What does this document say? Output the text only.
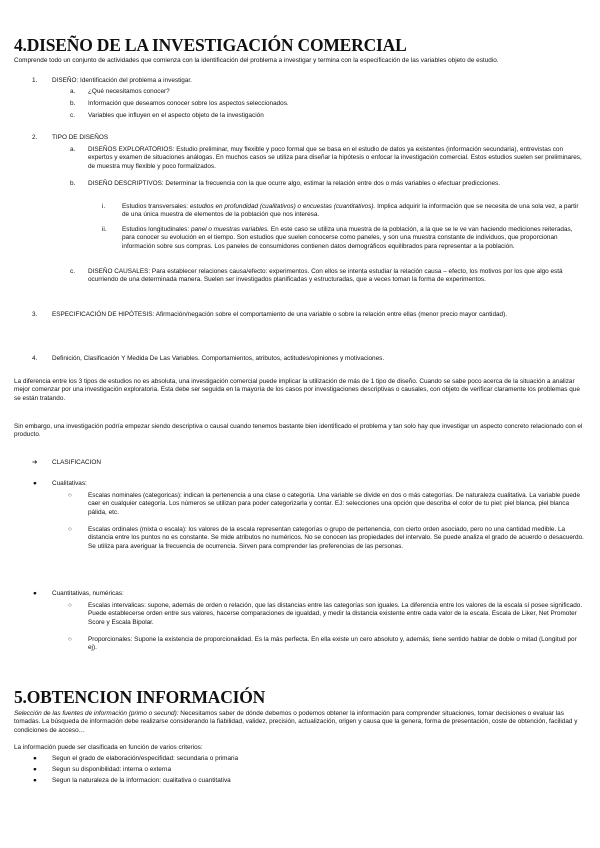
4.DISEÑO DE LA INVESTIGACIÓN COMERCIAL

Comprende todo un conjunto de actividades que comienza con la identificación del problema a investigar y termina con la especificación de las variables objeto de estudio.

1. DISEÑO: Identificación del problema a investigar.
a. ¿Qué necesitamos conocer?
b. Información que deseamos conocer sobre los aspectos seleccionados.
c. Variables que influyen en el aspecto objeto de la investigación
2. TIPO DE DISEÑOS
a. DISEÑOS EXPLORATORIOS: Estudio preliminar, muy flexible y poco formal que se basa en el estudio de datos ya existentes (información secundaria), entrevistas con expertos y examen de situaciones análogas. En muchos casos se utiliza para diseñar la hipótesis o enfocar la investigación comercial. Estos estudios suelen ser preliminares, de muestra muy flexible y poco formalizados.

b. DISEÑO DESCRIPTIVOS: Determinar la frecuencia con la que ocurre algo, estimar la relación entre dos o más variables o efectuar predicciones.

i.	Estudios transversales: estudios en profundidad (cualitativos) o encuestas (cuantitativos). Implica adquirir la información que se necesita de una sola vez, a partir de una única muestra de elementos de la población que nos interesa.

ii. Estudios longitudinales: panel o muestras variables. En este caso se utiliza una muestra de la población, a la que se le ve van haciendo mediciones reiteradas, para conocer su evolución en el tiempo. Son estudios que suelen conocerse como paneles, y son una muestra constante de individuos, que proporcionan información sobre sus compras. Los paneles de consumidores contienen datos demográficos equilibrados para representar a la población.

c. DISEÑO CAUSALES: Para establecer relaciones causa/efecto: experimentos. Con ellos se intenta estudiar la relación causa – efecto, los motivos por los que algo está ocurriendo de una determinada manera. Suelen ser investigados planificadas y estructuradas, que a veces toman la forma de experimentos.

3. ESPECIFICACIÓN DE HIPÓTESIS: Afirmación/negación sobre el comportamiento de una variable o sobre la relación entre ellas (menor precio mayor cantidad).

4. Definición, Clasificación Y Medida De Las Variables. Comportamientos, atributos, actitudes/opiniones y motivaciones.

La diferencia entre los 3 tipos de estudios no es absoluta, una investigación comercial puede implicar la utilización de más de 1 tipo de diseño. Cuando se sabe poco acerca de la situación a analizar mejor comenzar por una investigación exploratoria. Esta debe ser seguida en la mayoría de los casos por investigaciones descriptivas o causales, con objeto de verificar claramente los problemas que se están tratando.

Sin embargo, una investigación podría empezar siendo descriptiva o causal cuando tenemos bastante bien identificado el problema y tan solo hay que investigar un aspecto concreto relacionado con el producto.

➔ CLASIFICACION
● Cualitativas:
○	Escalas nominales (categoricas): indican la pertenencia a una clase o categoría. Una variable se divide en dos o más categorías. De naturaleza cualitativa. La variable puede caer en cualquier categoría. Los números se utilizan para poder categorizarla y contar. EJ: selecciones una opción que describa el color de tu piel: piel blanca, piel blanca pálida, etc.

○	Escalas ordinales (mixta o escala): los valores de la escala representan categorías o grupo de pertenencia, con cierto orden asociado, pero no una cantidad medible. La distancia entre los puntos no es constante. Se mide atributos no numéricos. No se conocen las propiedades del intervalo. Se puede analiza el grado de acuerdo o desacuerdo. Se utiliza para averiguar la frecuencia de ocurrencia. Sirven para comprender las preferencias de las personas.

● Cuantitativas, numéricas:
○	Escalas intervalicas: supone, además de orden o relación, que las distancias entre las categorías son iguales. La diferencia entre los valores de la escala sí posee significado. Puede establecerse orden entre sus valores, hacerse comparaciones de igualdad, y medir la distancia existente entre cada valor de la escala. Escala de Liker, Net Promoter Score y Escala Bipolar.

○	Proporcionales: Supone la existencia de proporcionalidad. Es la más perfecta. En ella existe un cero absoluto y, además, tiene sentido hablar de doble o mitad (Longitud por ej).

5.OBTENCION INFORMACIÓN

Selección de las fuentes de información (primo o secund): Necesitamos saber de dónde debemos o podemos obtener la información para comprender situaciones, tomar decisiones o evaluar las tomadas. La búsqueda de información debe realizarse considerando la fiabilidad, validez, precisión, actualización, origen y causa que la genera, forma de presentación, coste de obtención, facilidad y condiciones de acceso…

La información puede ser clasificada en función de varios criterios:
● Segun el grado de elaboración/especifidad: secundaria o primaria
● Segun su disponibilidad: interna o externa
● Segun la naturaleza de la informacion: cualitativa o cuantitativa
